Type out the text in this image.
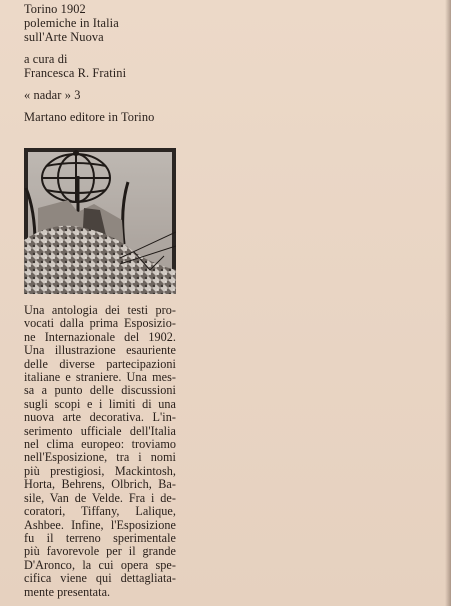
Torino 1902
polemiche in Italia
sull'Arte Nuova
a cura di
Francesca R. Fratini
« nadar » 3
Martano editore in Torino
Una antologia dei testi pro-
vocati dalla prima Esposizio-
ne Internazionale del 1902.
Una illustrazione esauriente
delle diverse partecipazioni
italiane e straniere. Una mes-
sa a punto delle discussioni
sugli scopi e i limiti di una
nuova arte decorativa. L'in-
serimento ufficiale dell'Italia
nel clima europeo: troviamo
nell'Esposizione, tra i nomi
più prestigiosi, Mackintosh,
Horta, Behrens, Olbrich, Ba-
sile, Van de Velde. Fra i de-
coratori, Tiffany, Lalique,
Ashbee. Infine, l'Esposizione
fu il terreno sperimentale
più favorevole per il grande
D'Aronco, la cui opera spe-
cifica viene qui dettagliata-
mente presentata.
